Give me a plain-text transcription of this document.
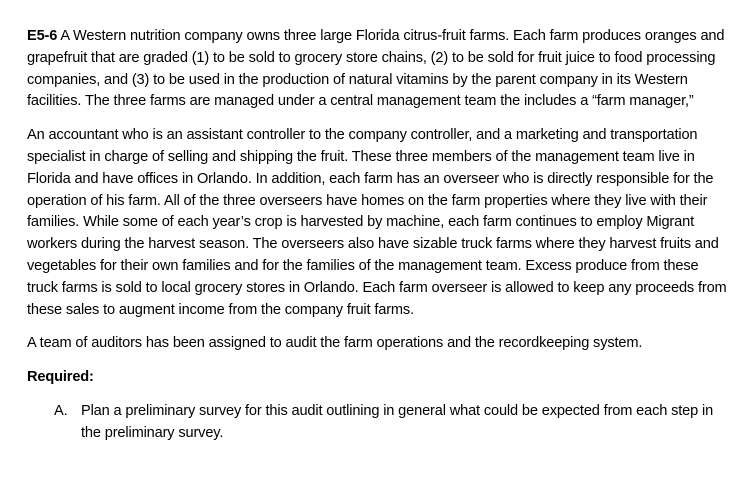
E5-6 A Western nutrition company owns three large Florida citrus-fruit farms. Each farm produces oranges and grapefruit that are graded (1) to be sold to grocery store chains, (2) to be sold for fruit juice to food processing companies, and (3) to be used in the production of natural vitamins by the parent company in its Western facilities. The three farms are managed under a central management team the includes a “farm manager,”

An accountant who is an assistant controller to the company controller, and a marketing and transportation specialist in charge of selling and shipping the fruit. These three members of the management team live in Florida and have offices in Orlando. In addition, each farm has an overseer who is directly responsible for the operation of his farm. All of the three overseers have homes on the farm properties where they live with their families. While some of each year’s crop is harvested by machine, each farm continues to employ Migrant workers during the harvest season. The overseers also have sizable truck farms where they harvest fruits and vegetables for their own families and for the families of the management team. Excess produce from these truck farms is sold to local grocery stores in Orlando. Each farm overseer is allowed to keep any proceeds from these sales to augment income from the company fruit farms.

A team of auditors has been assigned to audit the farm operations and the recordkeeping system.

Required:

A. Plan a preliminary survey for this audit outlining in general what could be expected from each step in the preliminary survey.
